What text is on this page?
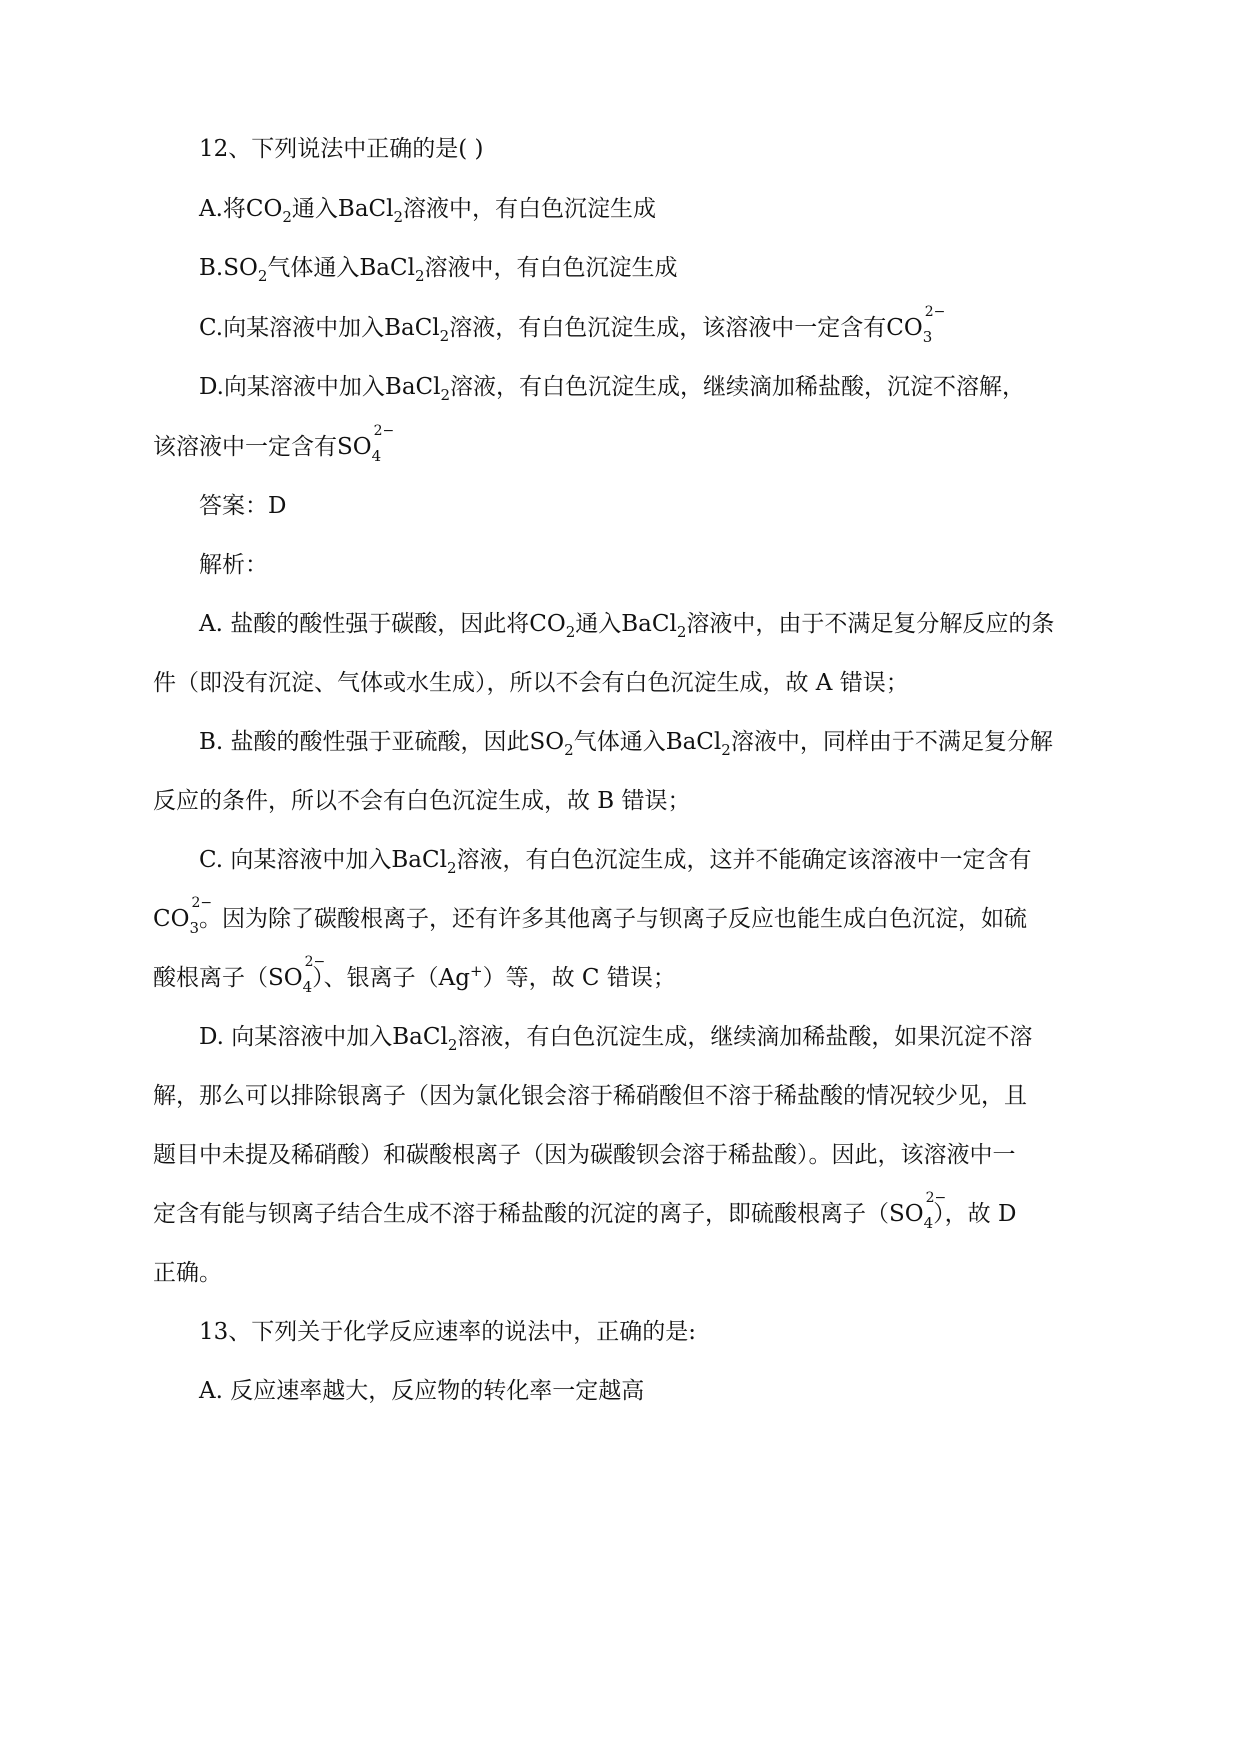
12、下列说法中正确的是( )
A.将$CO_2$通入BaCl$_2$溶液中，有白色沉淀生成
$B.SO_2$气体通入BaCl$_2$溶液中，有白色沉淀生成
C.向某溶液中加入BaCl$_2$溶液，有白色沉淀生成，该溶液中一定含有CO
2−
$_3$
D.向某溶液中加入BaCl$_2$溶液，有白色沉淀生成，继续滴加稀盐酸，沉淀不溶解，
该溶液中一定含有SO
2−
$_4$
答案：D
解析：
A. 盐酸的酸性强于碳酸，因此将$CO_2$通入BaCl$_2$溶液中，由于不满足复分解反应的条
件（即没有沉淀、气体或水生成），所以不会有白色沉淀生成，故 A 错误；
B. 盐酸的酸性强于亚硫酸，因此$SO_2$气体通入BaCl$_2$溶液中，同样由于不满足复分解
反应的条件，所以不会有白色沉淀生成，故 B 错误；
C. 向某溶液中加入BaCl$_2$溶液，有白色沉淀生成，这并不能确定该溶液中一定含有
CO
2−
$_3$。因为除了碳酸根离子，还有许多其他离子与钡离子反应也能生成白色沉淀，如硫
酸根离子（SO
2−
$_4$）、银离子（Ag+）等，故 C 错误；
D. 向某溶液中加入BaCl$_2$溶液，有白色沉淀生成，继续滴加稀盐酸，如果沉淀不溶
解，那么可以排除银离子（因为氯化银会溶于稀硝酸但不溶于稀盐酸的情况较少见，且
题目中未提及稀硝酸）和碳酸根离子（因为碳酸钡会溶于稀盐酸）。因此，该溶液中一
定含有能与钡离子结合生成不溶于稀盐酸的沉淀的离子，即硫酸根离子（SO
2−
$_4$），故 D
正确。
13、下列关于化学反应速率的说法中，正确的是:
A. 反应速率越大，反应物的转化率一定越高
